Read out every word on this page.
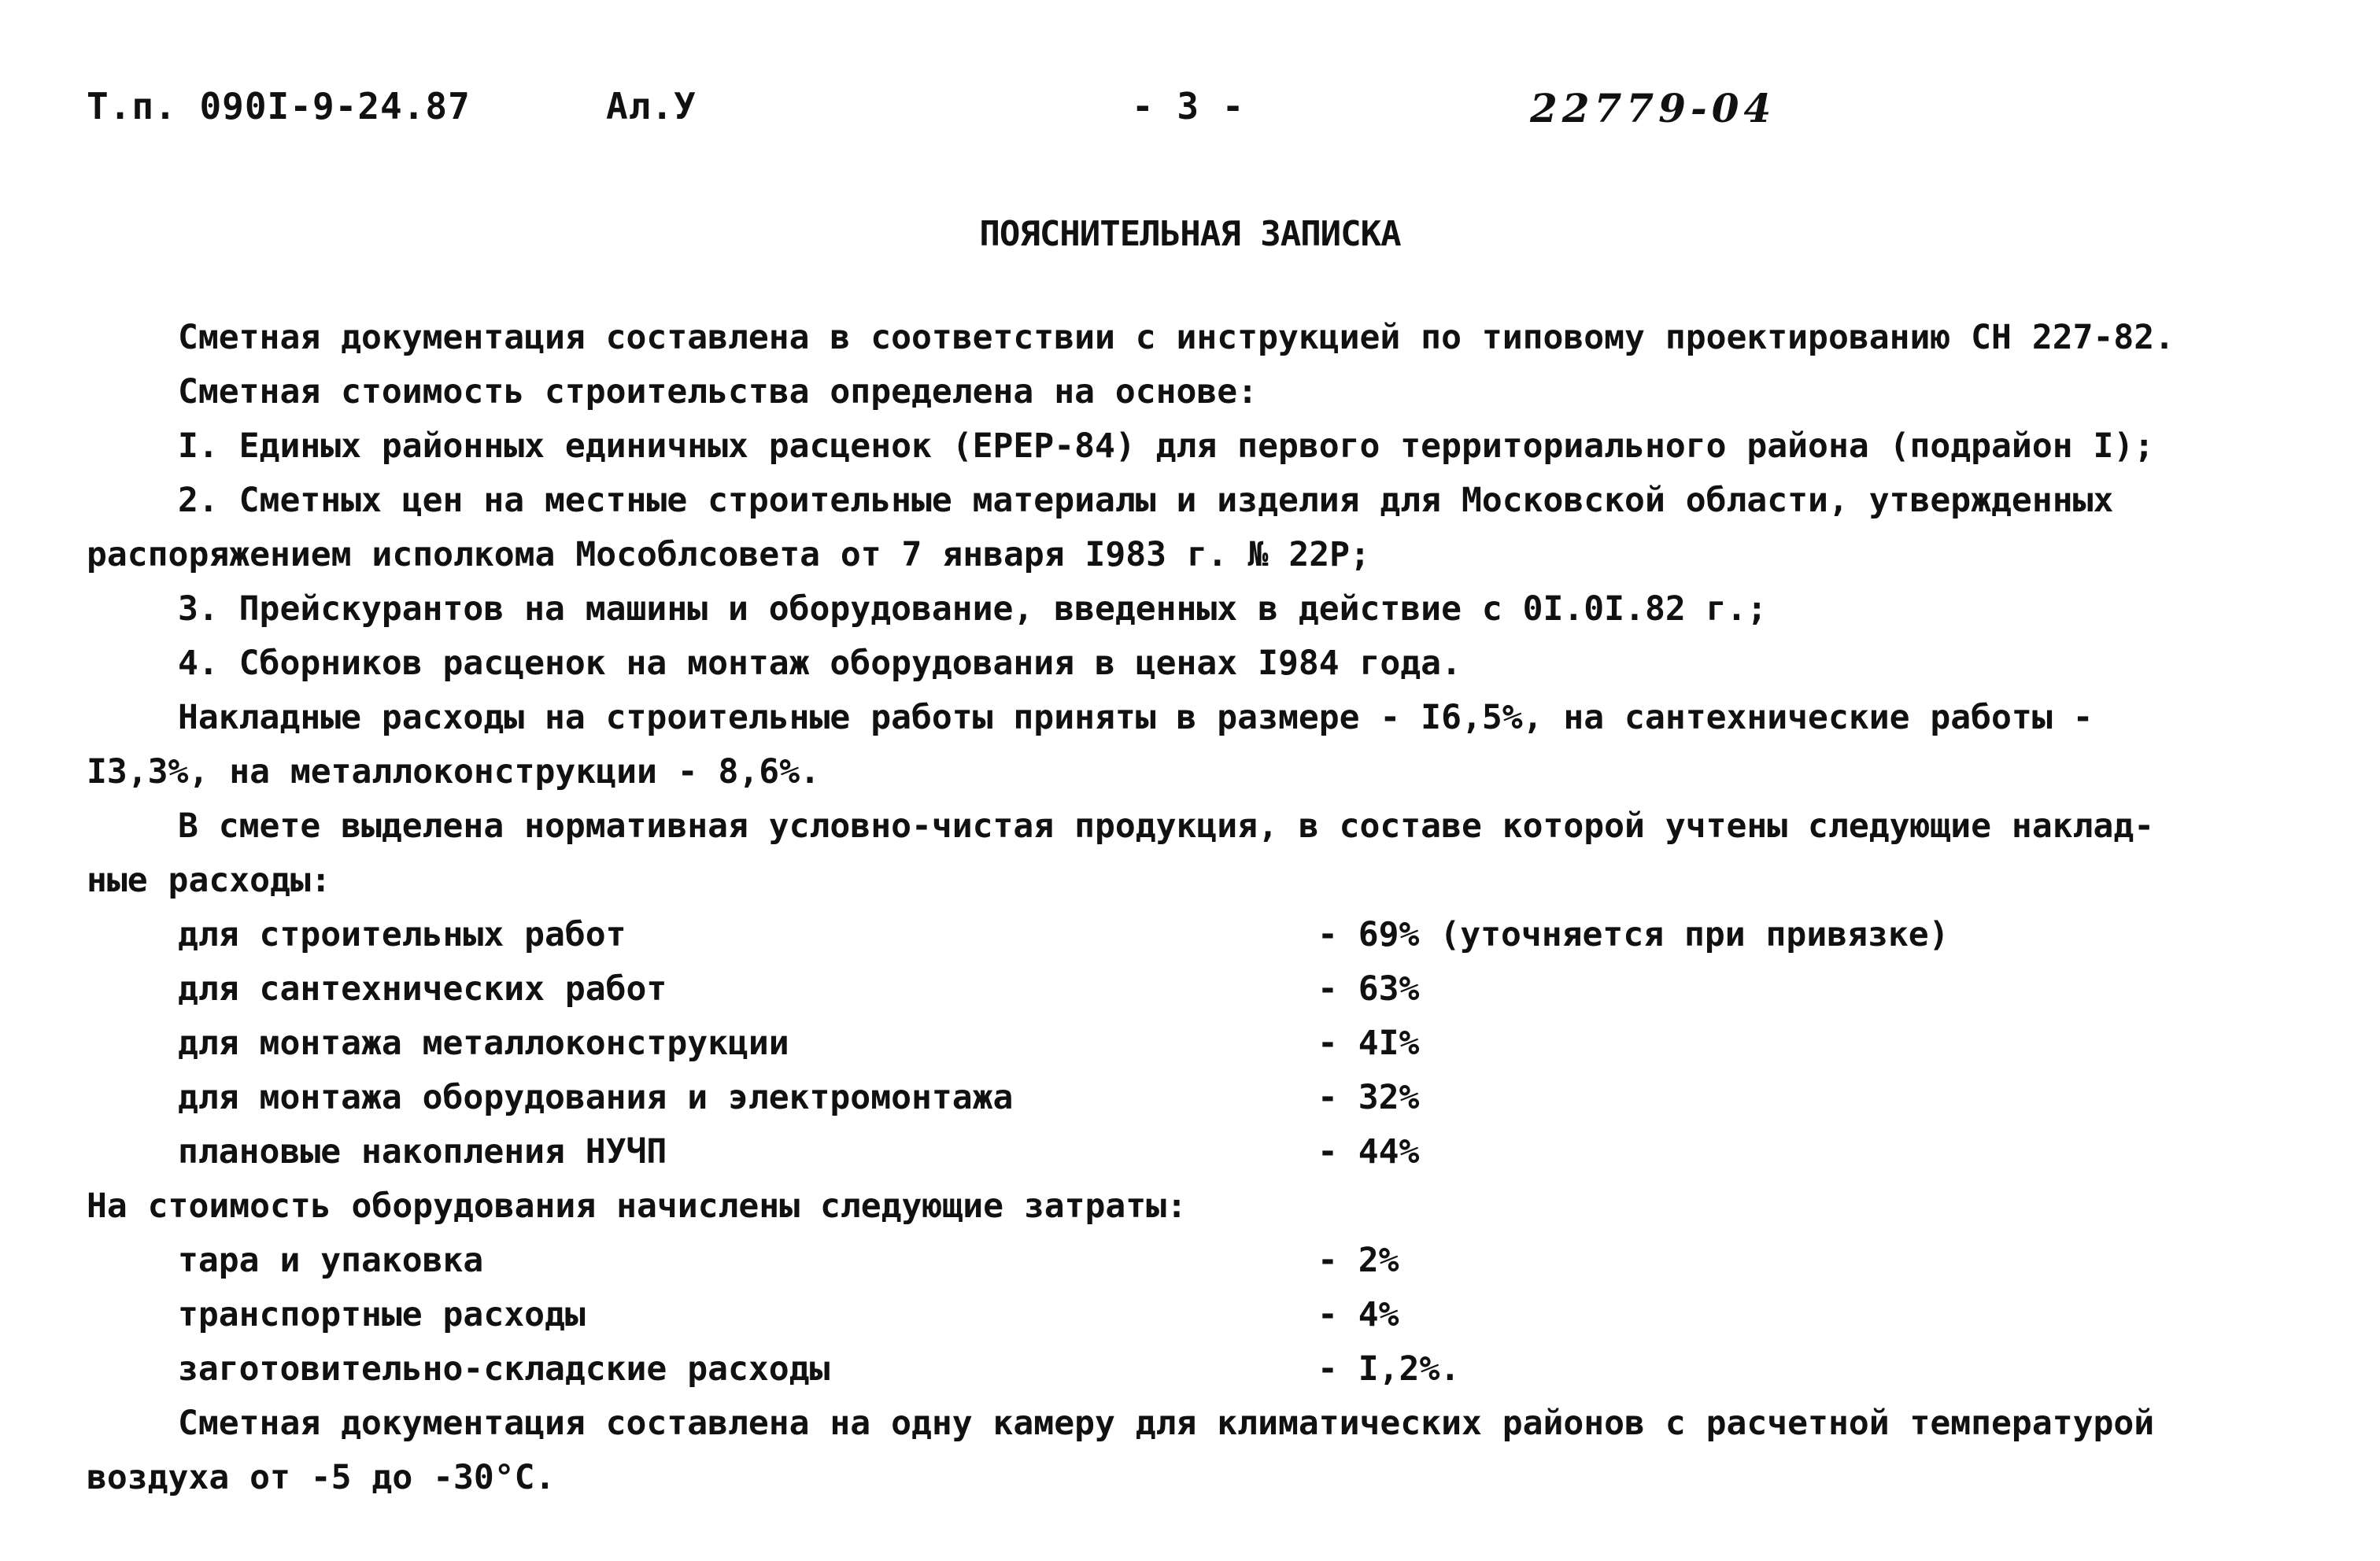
Т.п. 090I-9-24.87	Ал.У	- 3 -	22779-04
ПОЯСНИТЕЛЬНАЯ ЗАПИСКА
Сметная документация составлена в соответствии с инструкцией по типовому проектированию СН 227-82.
Сметная стоимость строительства определена на основе:
I. Единых районных единичных расценок (ЕРЕР-84) для первого территориального района (подрайон I);
2. Сметных цен на местные строительные материалы и изделия для Московской области, утвержденных
распоряжением исполкома Мособлсовета от 7 января I983 г. № 22Р;
3. Прейскурантов на машины и оборудование, введенных в действие с 0I.0I.82 г.;
4. Сборников расценок на монтаж оборудования в ценах I984 года.
Накладные расходы на строительные работы приняты в размере - I6,5%, на сантехнические работы -
I3,3%, на металлоконструкции - 8,6%.
В смете выделена нормативная условно-чистая продукция, в составе которой учтены следующие наклад-
ные расходы:
для строительных работ	- 69% (уточняется при привязке)
для сантехнических работ	- 63%
для монтажа металлоконструкции	- 4I%
для монтажа оборудования и электромонтажа	- 32%
плановые накопления НУЧП	- 44%
На стоимость оборудования начислены следующие затраты:
тара и упаковка	- 2%
транспортные расходы	- 4%
заготовительно-складские расходы	- I,2%.
Сметная документация составлена на одну камеру для климатических районов с расчетной температурой
воздуха от -5 до -30°С.
